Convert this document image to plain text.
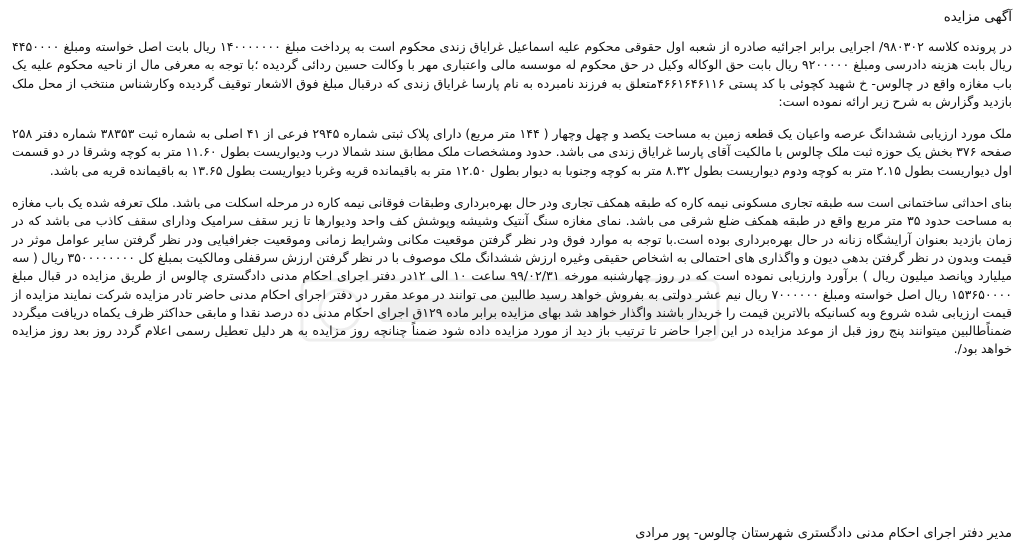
آگهی مزایده

در پرونده کلاسه ۹۸۰۳۰۲/ اجرایی برابر اجرائیه صادره از شعبه اول حقوقی محکوم علیه اسماعیل غرایاق زندی محکوم است به پرداخت مبلغ ۱۴۰۰۰۰۰۰۰ ریال بابت اصل خواسته ومبلغ ۴۴۵۰۰۰۰ ریال بابت هزینه دادرسی ومبلغ ۹۲۰۰۰۰۰ ریال بابت حق الوکاله وکیل در حق محکوم له موسسه مالی واعتباری مهر با وکالت حسین ردائی گردیده ؛با توجه به معرفی مال از ناحیه محکوم علیه یک باب مغازه واقع در چالوس- خ شهید کچوئی با کد پستی ۴۶۶۱۶۴۶۱۱۶متعلق به فرزند نامبرده به نام پارسا غرایاق زندی که درقبال مبلغ فوق الاشعار توقیف گردیده وکارشناس منتخب از محل ملک بازدید وگزارش به شرح زیر ارائه نموده است:

ملک مورد ارزیابی ششدانگ عرصه واعیان یک قطعه زمین به مساحت یکصد و چهل وچهار ( ۱۴۴ متر مربع) دارای پلاک ثبتی شماره ۲۹۴۵ فرعی از ۴۱ اصلی به شماره ثبت ۳۸۳۵۳ شماره دفتر ۲۵۸ صفحه ۳۷۶ بخش یک حوزه ثبت ملک چالوس با مالکیت آقای پارسا غرایاق زندی می باشد. حدود ومشخصات ملک مطابق سند شمالا درب ودیواریست بطول ۱۱.۶۰ متر به کوچه وشرقا در دو قسمت اول دیواریست بطول ۲.۱۵ متر به کوچه ودوم دیواریست بطول ۸.۳۲ متر به کوچه وجنوبا به دیوار بطول ۱۲.۵۰ متر به باقیمانده قریه وغربا دیواریست بطول ۱۳.۶۵ به باقیمانده قریه می باشد.

بنای احداثی ساختمانی است سه طبقه تجاری مسکونی نیمه کاره که طبقه همکف تجاری ودر حال بهره‌برداری وطبقات فوقانی نیمه کاره در مرحله اسکلت می باشد. ملک تعرفه شده یک باب مغازه به مساحت حدود ۳۵ متر مربع واقع در طبقه همکف ضلع شرقی می باشد. نمای مغازه سنگ آنتیک وشیشه وپوشش کف واحد ودیوارها تا زیر سقف سرامیک ودارای سقف کاذب می باشد که در زمان بازدید بعنوان آرایشگاه زنانه در حال بهره‌برداری بوده است.با توجه به موارد فوق ودر نظر گرفتن موقعیت مکانی وشرایط زمانی وموقعیت جغرافیایی ودر نظر گرفتن سایر عوامل موثر در قیمت وبدون در نظر گرفتن بدهی دیون و واگذاری های احتمالی به اشخاص حقیقی وغیره ارزش ششدانگ ملک موصوف با در نظر گرفتن ارزش سرقفلی ومالکیت بمبلغ کل ۳۵۰۰۰۰۰۰۰۰ ریال ( سه میلیارد وپانصد میلیون ریال ) برآورد وارزیابی نموده است که در روز چهارشنبه مورخه ۹۹/۰۲/۳۱ ساعت ۱۰ الی ۱۲در دفتر اجرای احکام مدنی دادگستری چالوس از طریق مزایده در قبال مبلغ ۱۵۳۶۵۰۰۰۰ ریال اصل خواسته ومبلغ ۷۰۰۰۰۰۰ ریال نیم عشر دولتی به بفروش خواهد رسید طالبین می توانند در موعد مقرر در دفتر اجرای احکام مدنی حاضر تادر مزایده شرکت نمایند مزایده از قیمت ارزیابی شده شروع وبه کسانیکه بالاترین قیمت را خریدار باشند واگذار خواهد شد بهای مزایده برابر ماده ۱۲۹ق اجرای احکام مدنی ده درصد نقدا و مابقی حداکثر ظرف یکماه دریافت میگردد ضمناًطالبین میتوانند پنج روز قبل از موعد مزایده در این اجرا حاضر تا ترتیب باز دید از مورد مزایده داده شود ضمناً چنانچه روز مزایده به هر دلیل تعطیل رسمی اعلام گردد روز بعد روز مزایده خواهد بود/.

مدیر دفتر اجرای احکام مدنی دادگستری شهرستان چالوس- پور مرادی
